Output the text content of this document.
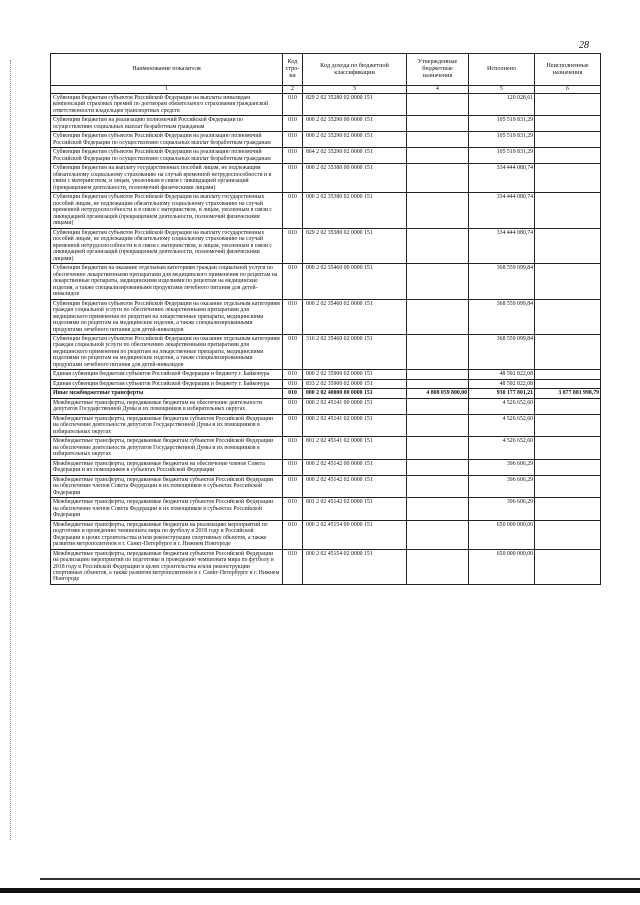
28
Наименование показателя	Код стро- ки	Код дохода по бюджетной классификации	Утвержденные бюджетные назначения	Исполнено	Неисполненные назначения
1	2	3	4	5	6
Субвенции бюджетам субъектов Российской Федерации на выплаты инвалидам компенсаций страховых премий по договорам обязательного страхования гражданской ответственности владельцев транспортных средств	010	829 2 02 35280 02 0000 151		120 028,61	
Субвенции бюджетам на реализацию полномочий Российской Федерации по осуществлению социальных выплат безработным гражданам	010	000 2 02 35290 00 0000 151		105 519 831,29	
Субвенции бюджетам субъектов Российской Федерации на реализацию полномочий Российской Федерации по осуществлению социальных выплат безработным гражданам	010	000 2 02 35290 02 0000 151		105 519 831,29	
Субвенции бюджетам субъектов Российской Федерации на реализацию полномочий Российской Федерации по осуществлению социальных выплат безработным гражданам	010	864 2 02 35290 02 0000 151		105 519 831,29	
Субвенции бюджетам на выплату государственных пособий лицам, не подлежащим обязательному социальному страхованию на случай временной нетрудоспособности и в связи с материнством, и лицам, уволенным в связи с ликвидацией организаций (прекращением деятельности, полномочий физическими лицами)	010	000 2 02 35380 00 0000 151		334 444 080,74	
Субвенции бюджетам субъектов Российской Федерации на выплату государственных пособий лицам, не подлежащим обязательному социальному страхованию на случай временной нетрудоспособности и в связи с материнством, и лицам, уволенным в связи с ликвидацией организаций (прекращением деятельности, полномочий физическими лицами)	010	000 2 02 35380 02 0000 151		334 444 080,74	
Субвенции бюджетам субъектов Российской Федерации на выплату государственных пособий лицам, не подлежащим обязательному социальному страхованию на случай временной нетрудоспособности и в связи с материнством, и лицам, уволенным в связи с ликвидацией организаций (прекращением деятельности, полномочий физическими лицами)	010	829 2 02 35380 02 0000 151		334 444 080,74	
Субвенции бюджетам на оказание отдельным категориям граждан социальной услуги по обеспечению лекарственными препаратами для медицинского применения по рецептам на лекарственные препараты, медицинскими изделиями по рецептам на медицинские изделия, а также специализированными продуктами лечебного питания для детей-инвалидов	010	000 2 02 35460 00 0000 151		368 559 099,84	
Субвенции бюджетам субъектов Российской Федерации на оказание отдельным категориям граждан социальной услуги по обеспечению лекарственными препаратами для медицинского применения по рецептам на лекарственные препараты, медицинскими изделиями по рецептам на медицинские изделия, а также специализированными продуктами лечебного питания для детей-инвалидов	010	000 2 02 35460 02 0000 151		368 559 099,84	
Субвенции бюджетам субъектов Российской Федерации на оказание отдельным категориям граждан социальной услуги по обеспечению лекарственными препаратами для медицинского применения по рецептам на лекарственные препараты, медицинскими изделиями по рецептам на медицинские изделия, а также специализированными продуктами лечебного питания для детей-инвалидов	010	316 2 02 35460 02 0000 151		368 559 099,84	
Единая субвенция бюджетам субъектов Российской Федерации и бюджету г. Байконура	010	000 2 02 35900 02 0000 151		48 592 822,08	
Единая субвенция бюджетам субъектов Российской Федерации и бюджету г. Байконура	010	833 2 02 35900 02 0000 151		48 592 822,08	
Иные межбюджетные трансферты	010	000 2 02 40000 00 0000 151	4 808 059 800,00	930 177 801,21	3 877 881 998,79
Межбюджетные трансферты, передаваемые бюджетам на обеспечение деятельности депутатов Государственной Думы и их помощников в избирательных округах	010	000 2 02 45141 00 0000 151		4 526 652,60	
Межбюджетные трансферты, передаваемые бюджетам субъектов Российской Федерации на обеспечение деятельности депутатов Государственной Думы и их помощников в избирательных округах	010	000 2 02 45141 02 0000 151		4 526 652,60	
Межбюджетные трансферты, передаваемые бюджетам субъектов Российской Федерации на обеспечение деятельности депутатов Государственной Думы и их помощников в избирательных округах	010	801 2 02 45141 02 0000 151		4 526 652,60	
Межбюджетные трансферты, передаваемые бюджетам на обеспечение членов Совета Федерации и их помощников в субъектах Российской Федерации	010	000 2 02 45142 00 0000 151		396 606,29	
Межбюджетные трансферты, передаваемые бюджетам субъектов Российской Федерации на обеспечение членов Совета Федерации и их помощников в субъектах Российской Федерации	010	000 2 02 45142 02 0000 151		396 606,29	
Межбюджетные трансферты, передаваемые бюджетам субъектов Российской Федерации на обеспечение членов Совета Федерации и их помощников в субъектах Российской Федерации	010	801 2 02 45142 02 0000 151		396 606,29	
Межбюджетные трансферты, передаваемые бюджетам на реализацию мероприятий по подготовке и проведению чемпионата мира по футболу в 2018 году в Российской Федерации в целях строительства и/или реконструкции спортивных объектов, а также развития метрополитенов в г. Санкт-Петербурге и г. Нижнем Новгороде	010	000 2 02 45154 00 0000 151		650 000 000,00	
Межбюджетные трансферты, передаваемые бюджетам субъектов Российской Федерации на реализацию мероприятий по подготовке и проведению чемпионата мира по футболу в 2018 году в Российской Федерации в целях строительства и/или реконструкции спортивных объектов, а также развития метрополитенов в г. Санкт-Петербурге и г. Нижнем Новгороде	010	000 2 02 45154 02 0000 151		650 000 000,00	
